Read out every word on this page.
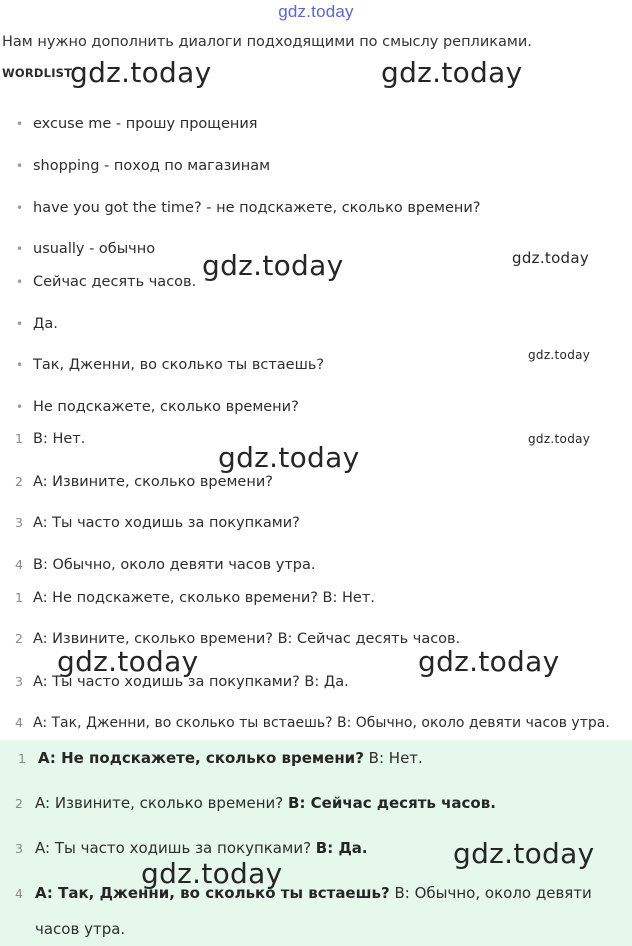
gdz.today
Нам нужно дополнить диалоги подходящими по смыслу репликами.
WORDLIST
• excuse me - прошу прощения
• shopping - поход по магазинам
• have you got the time? - не подскажете, сколько времени?
• usually - обычно
• Сейчас десять часов.
• Да.
• Так, Дженни, во сколько ты встаешь?
• Не подскажете, сколько времени?
1 B: Нет.
2 A: Извините, сколько времени?
3 A: Ты часто ходишь за покупками?
4 B: Обычно, около девяти часов утра.
1 A: Не подскажете, сколько времени? B: Нет.
2 A: Извините, сколько времени? B: Сейчас десять часов.
3 A: Ты часто ходишь за покупками? B: Да.
4 A: Так, Дженни, во сколько ты встаешь? B: Обычно, около девяти часов утра.
1 A: Не подскажете, сколько времени? B: Нет.
2 A: Извините, сколько времени? B: Сейчас десять часов.
3 A: Ты часто ходишь за покупками? B: Да.
4 A: Так, Дженни, во сколько ты встаешь? B: Обычно, около девяти
часов утра.
gdz.today	gdz.today
gdz.today	gdz.today
gdz.today
gdz.today
gdz.today
gdz.today	gdz.today
gdz.today
gdz.today
